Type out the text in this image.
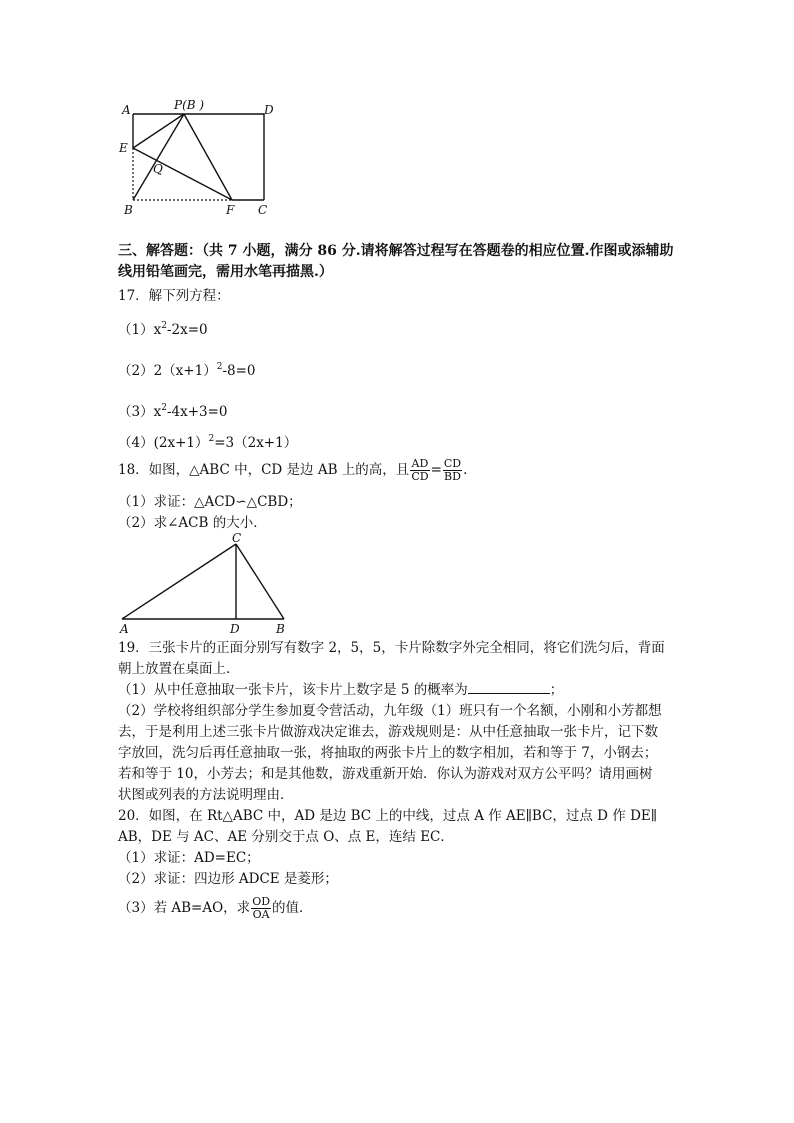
A	P(B )	D
E
Q
B	F C
三、解答题：（共 7 小题，满分 86 分.请将解答过程写在答题卷的相应位置.作图或添辅助
线用铅笔画完，需用水笔再描黑.）
17．解下列方程：
$(1)x^2-2x=0$
$(2)2(x+1)^2-8=0$
$(3)x^2-4x+3=0$
（4）(2x+1）$^2$=3（2x+1）
18．如图，△ABC 中，CD 是边 AB 上的高，且 $\frac{AD}{CD} = \frac{CD}{BD}$ .
（1）求证：△ACD∽△CBD；
（2）求∠ACB 的大小．
C
A	D	B
19．三张卡片的正面分别写有数字 2，5，5，卡片除数字外完全相同，将它们洗匀后，背面
朝上放置在桌面上．
（1）从中任意抽取一张卡片，该卡片上数字是 5 的概率为	；
（2）学校将组织部分学生参加夏令营活动，九年级（1）班只有一个名额，小刚和小芳都想
去，于是利用上述三张卡片做游戏决定谁去，游戏规则是：从中任意抽取一张卡片，记下数
字放回，洗匀后再任意抽取一张，将抽取的两张卡片上的数字相加，若和等于 7，小钢去；
若和等于 10，小芳去；和是其他数，游戏重新开始．你认为游戏对双方公平吗？请用画树
状图或列表的方法说明理由．
20．如图，在 Rt△ABC 中，AD 是边 BC 上的中线，过点 A 作 AE∥BC，过点 D 作 DE∥
AB，DE 与 AC、AE 分别交于点 O、点 E，连结 EC．
（1）求证：AD=EC；
（2）求证：四边形 ADCE 是菱形；
（3）若 AB=AO，求 $\frac{OD}{OA}$ 的值．
